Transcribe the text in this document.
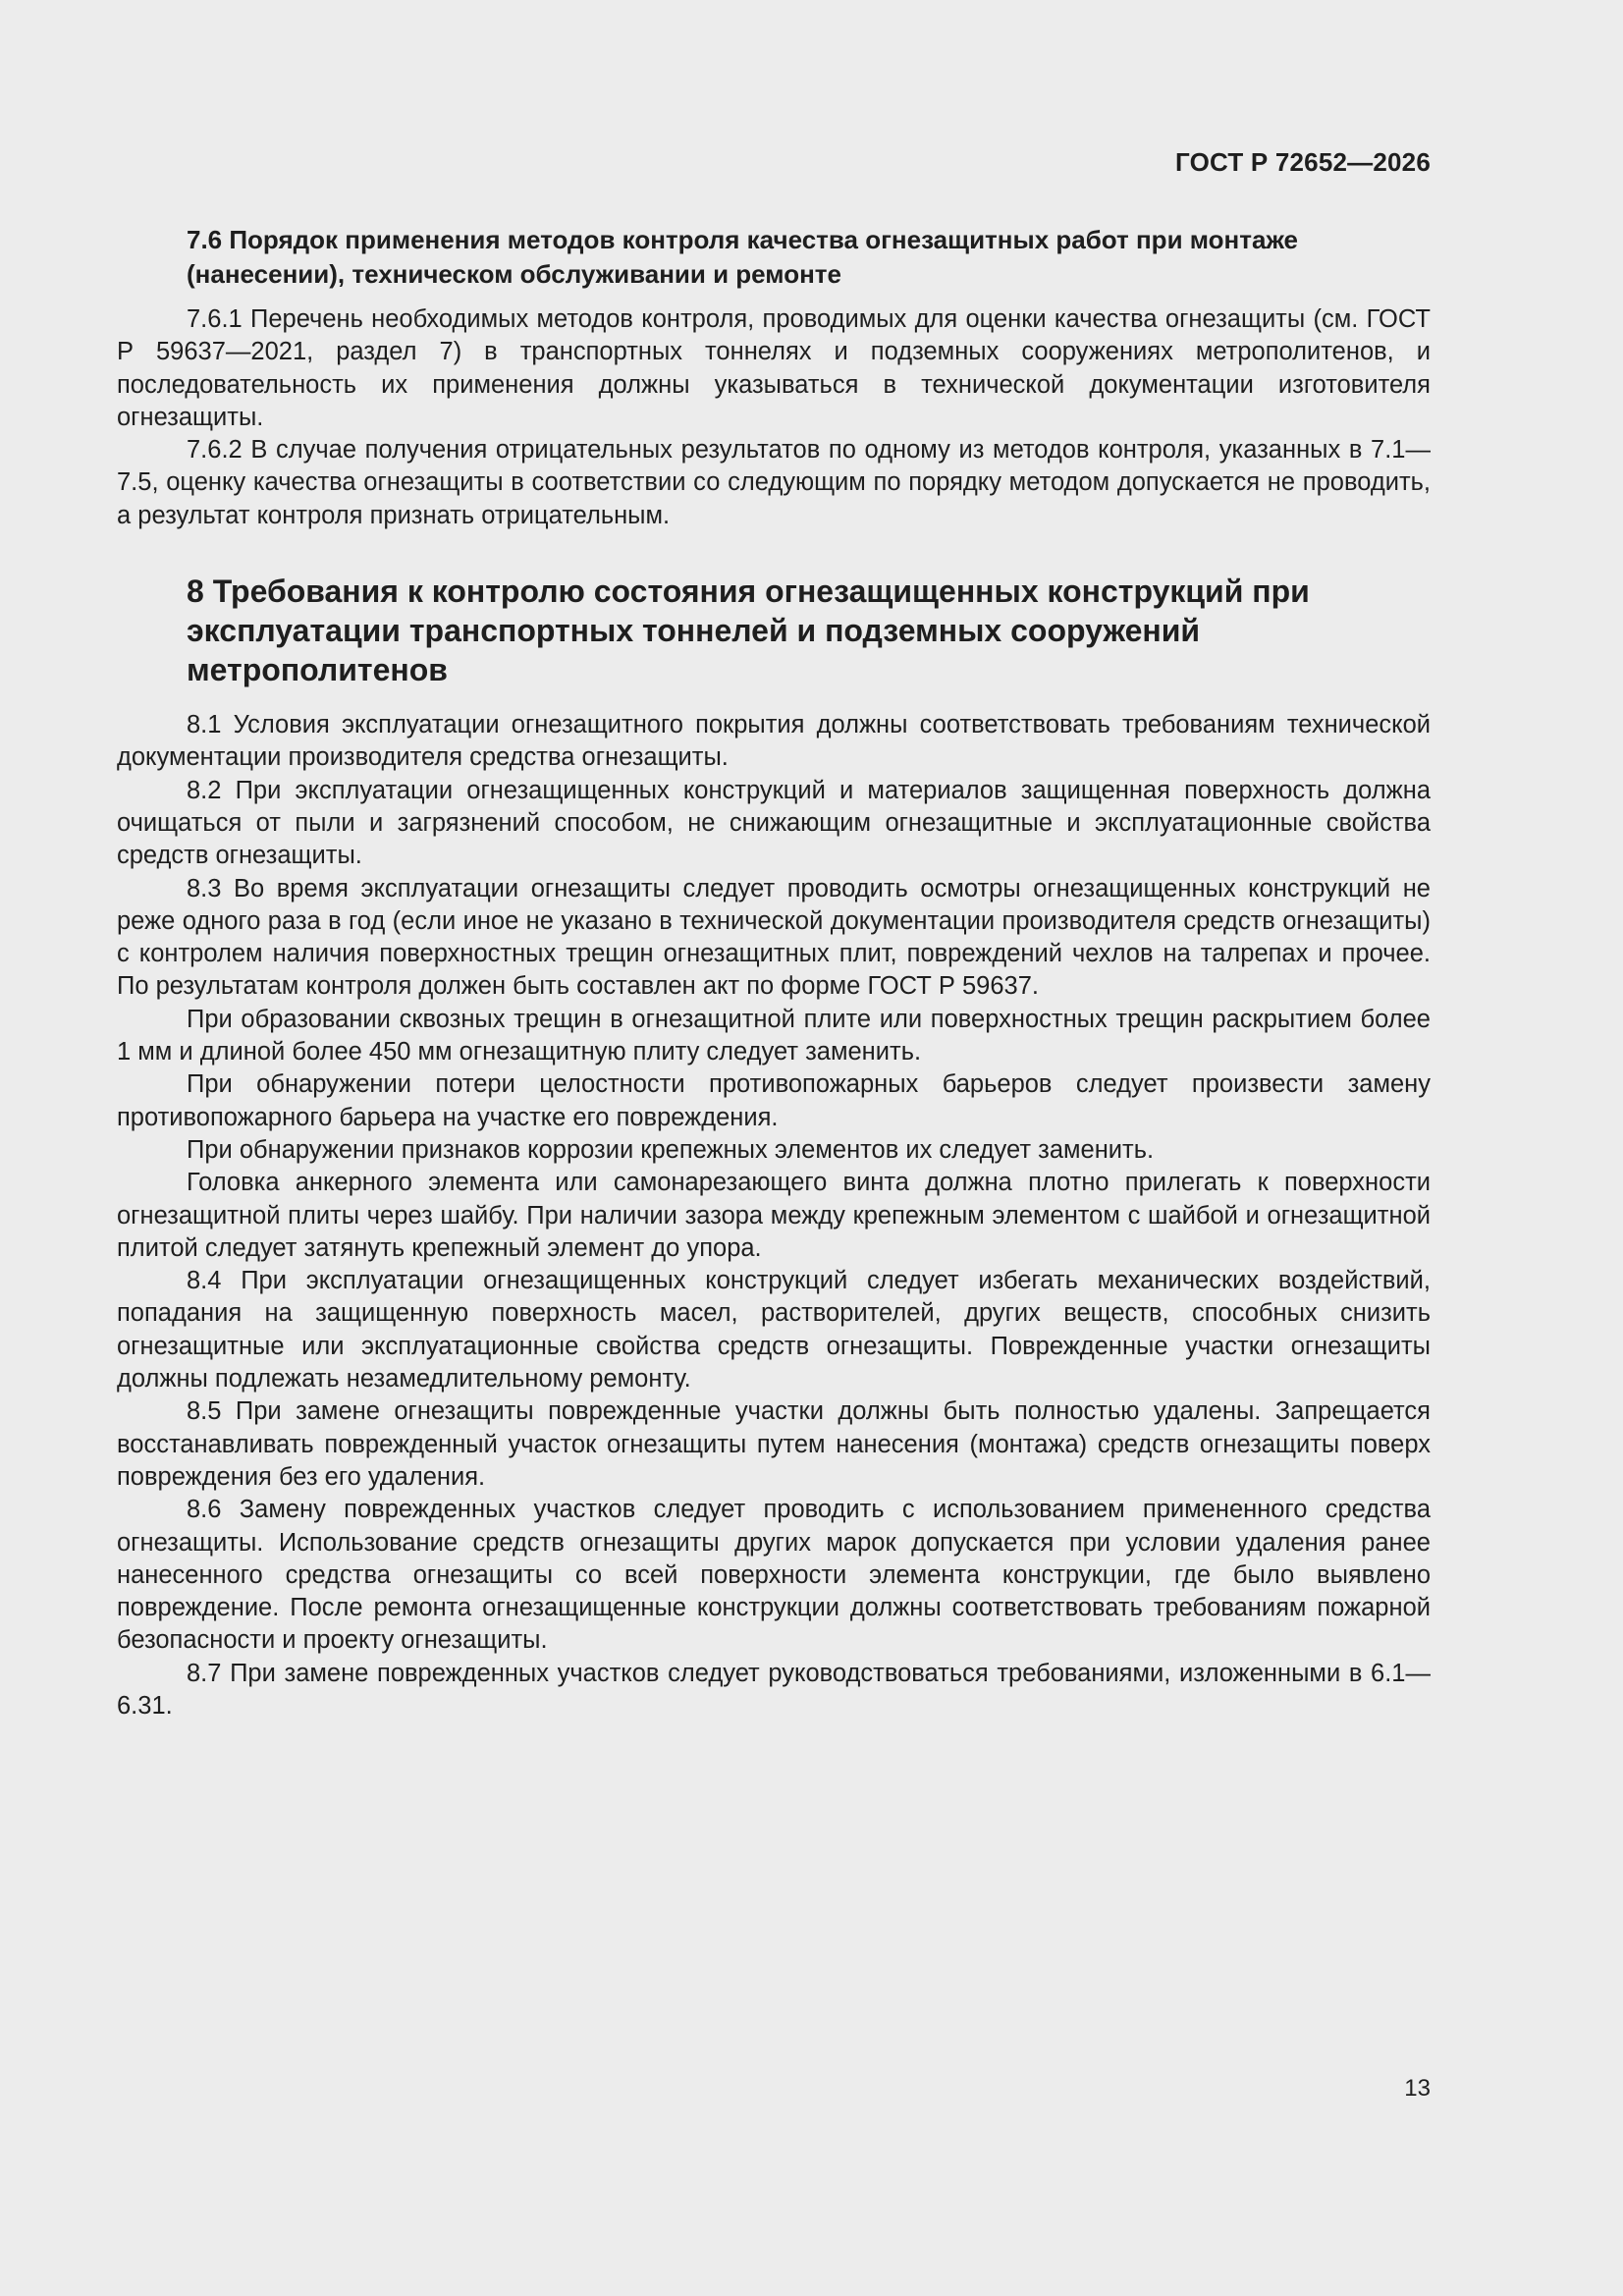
ГОСТ Р 72652—2026
7.6 Порядок применения методов контроля качества огнезащитных работ при монтаже (нанесении), техническом обслуживании и ремонте

7.6.1 Перечень необходимых методов контроля, проводимых для оценки качества огнезащиты (см. ГОСТ Р 59637—2021, раздел 7) в транспортных тоннелях и подземных сооружениях метрополитенов, и последовательность их применения должны указываться в технической документации изготовителя огнезащиты.

7.6.2 В случае получения отрицательных результатов по одному из методов контроля, указанных в 7.1—7.5, оценку качества огнезащиты в соответствии со следующим по порядку методом допускается не проводить, а результат контроля признать отрицательным.

8 Требования к контролю состояния огнезащищенных конструкций при эксплуатации транспортных тоннелей и подземных сооружений метрополитенов

8.1 Условия эксплуатации огнезащитного покрытия должны соответствовать требованиям технической документации производителя средства огнезащиты.

8.2 При эксплуатации огнезащищенных конструкций и материалов защищенная поверхность должна очищаться от пыли и загрязнений способом, не снижающим огнезащитные и эксплуатационные свойства средств огнезащиты.

8.3 Во время эксплуатации огнезащиты следует проводить осмотры огнезащищенных конструкций не реже одного раза в год (если иное не указано в технической документации производителя средств огнезащиты) с контролем наличия поверхностных трещин огнезащитных плит, повреждений чехлов на талрепах и прочее. По результатам контроля должен быть составлен акт по форме ГОСТ Р 59637.

При образовании сквозных трещин в огнезащитной плите или поверхностных трещин раскрытием более 1 мм и длиной более 450 мм огнезащитную плиту следует заменить.

При обнаружении потери целостности противопожарных барьеров следует произвести замену противопожарного барьера на участке его повреждения.

При обнаружении признаков коррозии крепежных элементов их следует заменить.

Головка анкерного элемента или самонарезающего винта должна плотно прилегать к поверхности огнезащитной плиты через шайбу. При наличии зазора между крепежным элементом с шайбой и огнезащитной плитой следует затянуть крепежный элемент до упора.

8.4 При эксплуатации огнезащищенных конструкций следует избегать механических воздействий, попадания на защищенную поверхность масел, растворителей, других веществ, способных снизить огнезащитные или эксплуатационные свойства средств огнезащиты. Поврежденные участки огнезащиты должны подлежать незамедлительному ремонту.

8.5 При замене огнезащиты поврежденные участки должны быть полностью удалены. Запрещается восстанавливать поврежденный участок огнезащиты путем нанесения (монтажа) средств огнезащиты поверх повреждения без его удаления.

8.6 Замену поврежденных участков следует проводить с использованием примененного средства огнезащиты. Использование средств огнезащиты других марок допускается при условии удаления ранее нанесенного средства огнезащиты со всей поверхности элемента конструкции, где было выявлено повреждение. После ремонта огнезащищенные конструкции должны соответствовать требованиям пожарной безопасности и проекту огнезащиты.

8.7 При замене поврежденных участков следует руководствоваться требованиями, изложенными в 6.1—6.31.

13
